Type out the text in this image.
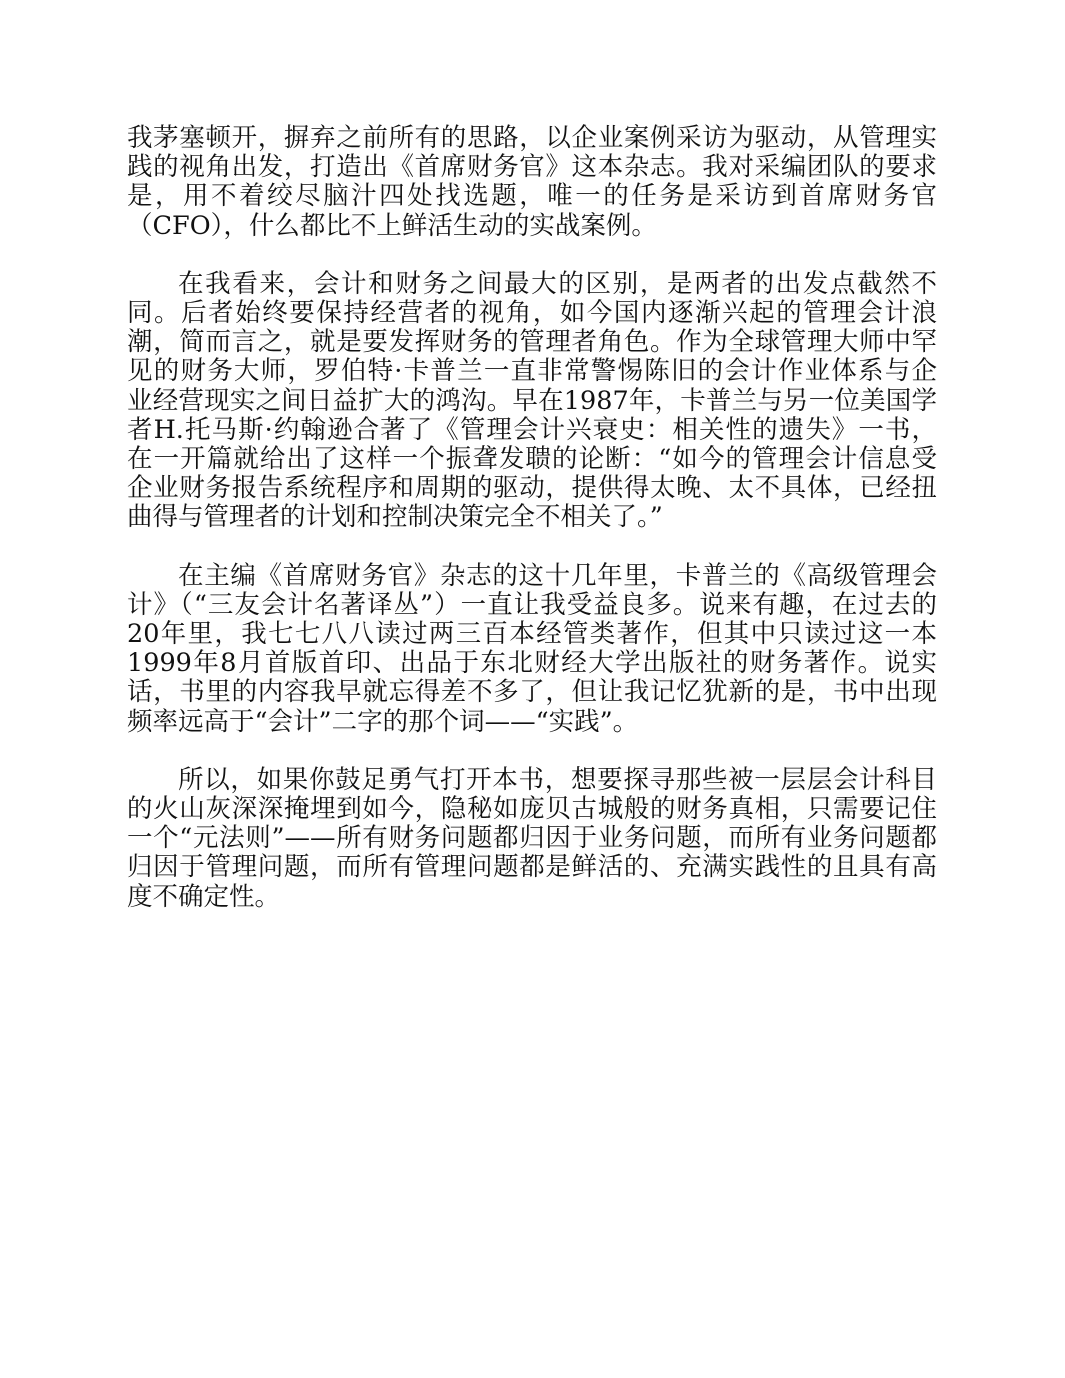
我茅塞顿开，摒弃之前所有的思路，以企业案例采访为驱动，从管理实
践的视角出发，打造出《首席财务官》这本杂志。我对采编团队的要求
是，用不着绞尽脑汁四处找选题，唯一的任务是采访到首席财务官
（CFO），什么都比不上鲜活生动的实战案例。
在我看来，会计和财务之间最大的区别，是两者的出发点截然不
同。后者始终要保持经营者的视角，如今国内逐渐兴起的管理会计浪
潮，简而言之，就是要发挥财务的管理者角色。作为全球管理大师中罕
见的财务大师，罗伯特·卡普兰一直非常警惕陈旧的会计作业体系与企
业经营现实之间日益扩大的鸿沟。早在1987年，卡普兰与另一位美国学
者H.托马斯·约翰逊合著了《管理会计兴衰史：相关性的遗失》一书，
在一开篇就给出了这样一个振聋发聩的论断：“如今的管理会计信息受
企业财务报告系统程序和周期的驱动，提供得太晚、太不具体，已经扭
曲得与管理者的计划和控制决策完全不相关了。”
在主编《首席财务官》杂志的这十几年里，卡普兰的《高级管理会
计》（“三友会计名著译丛”）一直让我受益良多。说来有趣，在过去的
20年里，我七七八八读过两三百本经管类著作，但其中只读过这一本
1999年8月首版首印、出品于东北财经大学出版社的财务著作。说实
话，书里的内容我早就忘得差不多了，但让我记忆犹新的是，书中出现
频率远高于“会计”二字的那个词——“实践”。
所以，如果你鼓足勇气打开本书，想要探寻那些被一层层会计科目
的火山灰深深掩埋到如今，隐秘如庞贝古城般的财务真相，只需要记住
一个“元法则”——所有财务问题都归因于业务问题，而所有业务问题都
归因于管理问题，而所有管理问题都是鲜活的、充满实践性的且具有高
度不确定性。
